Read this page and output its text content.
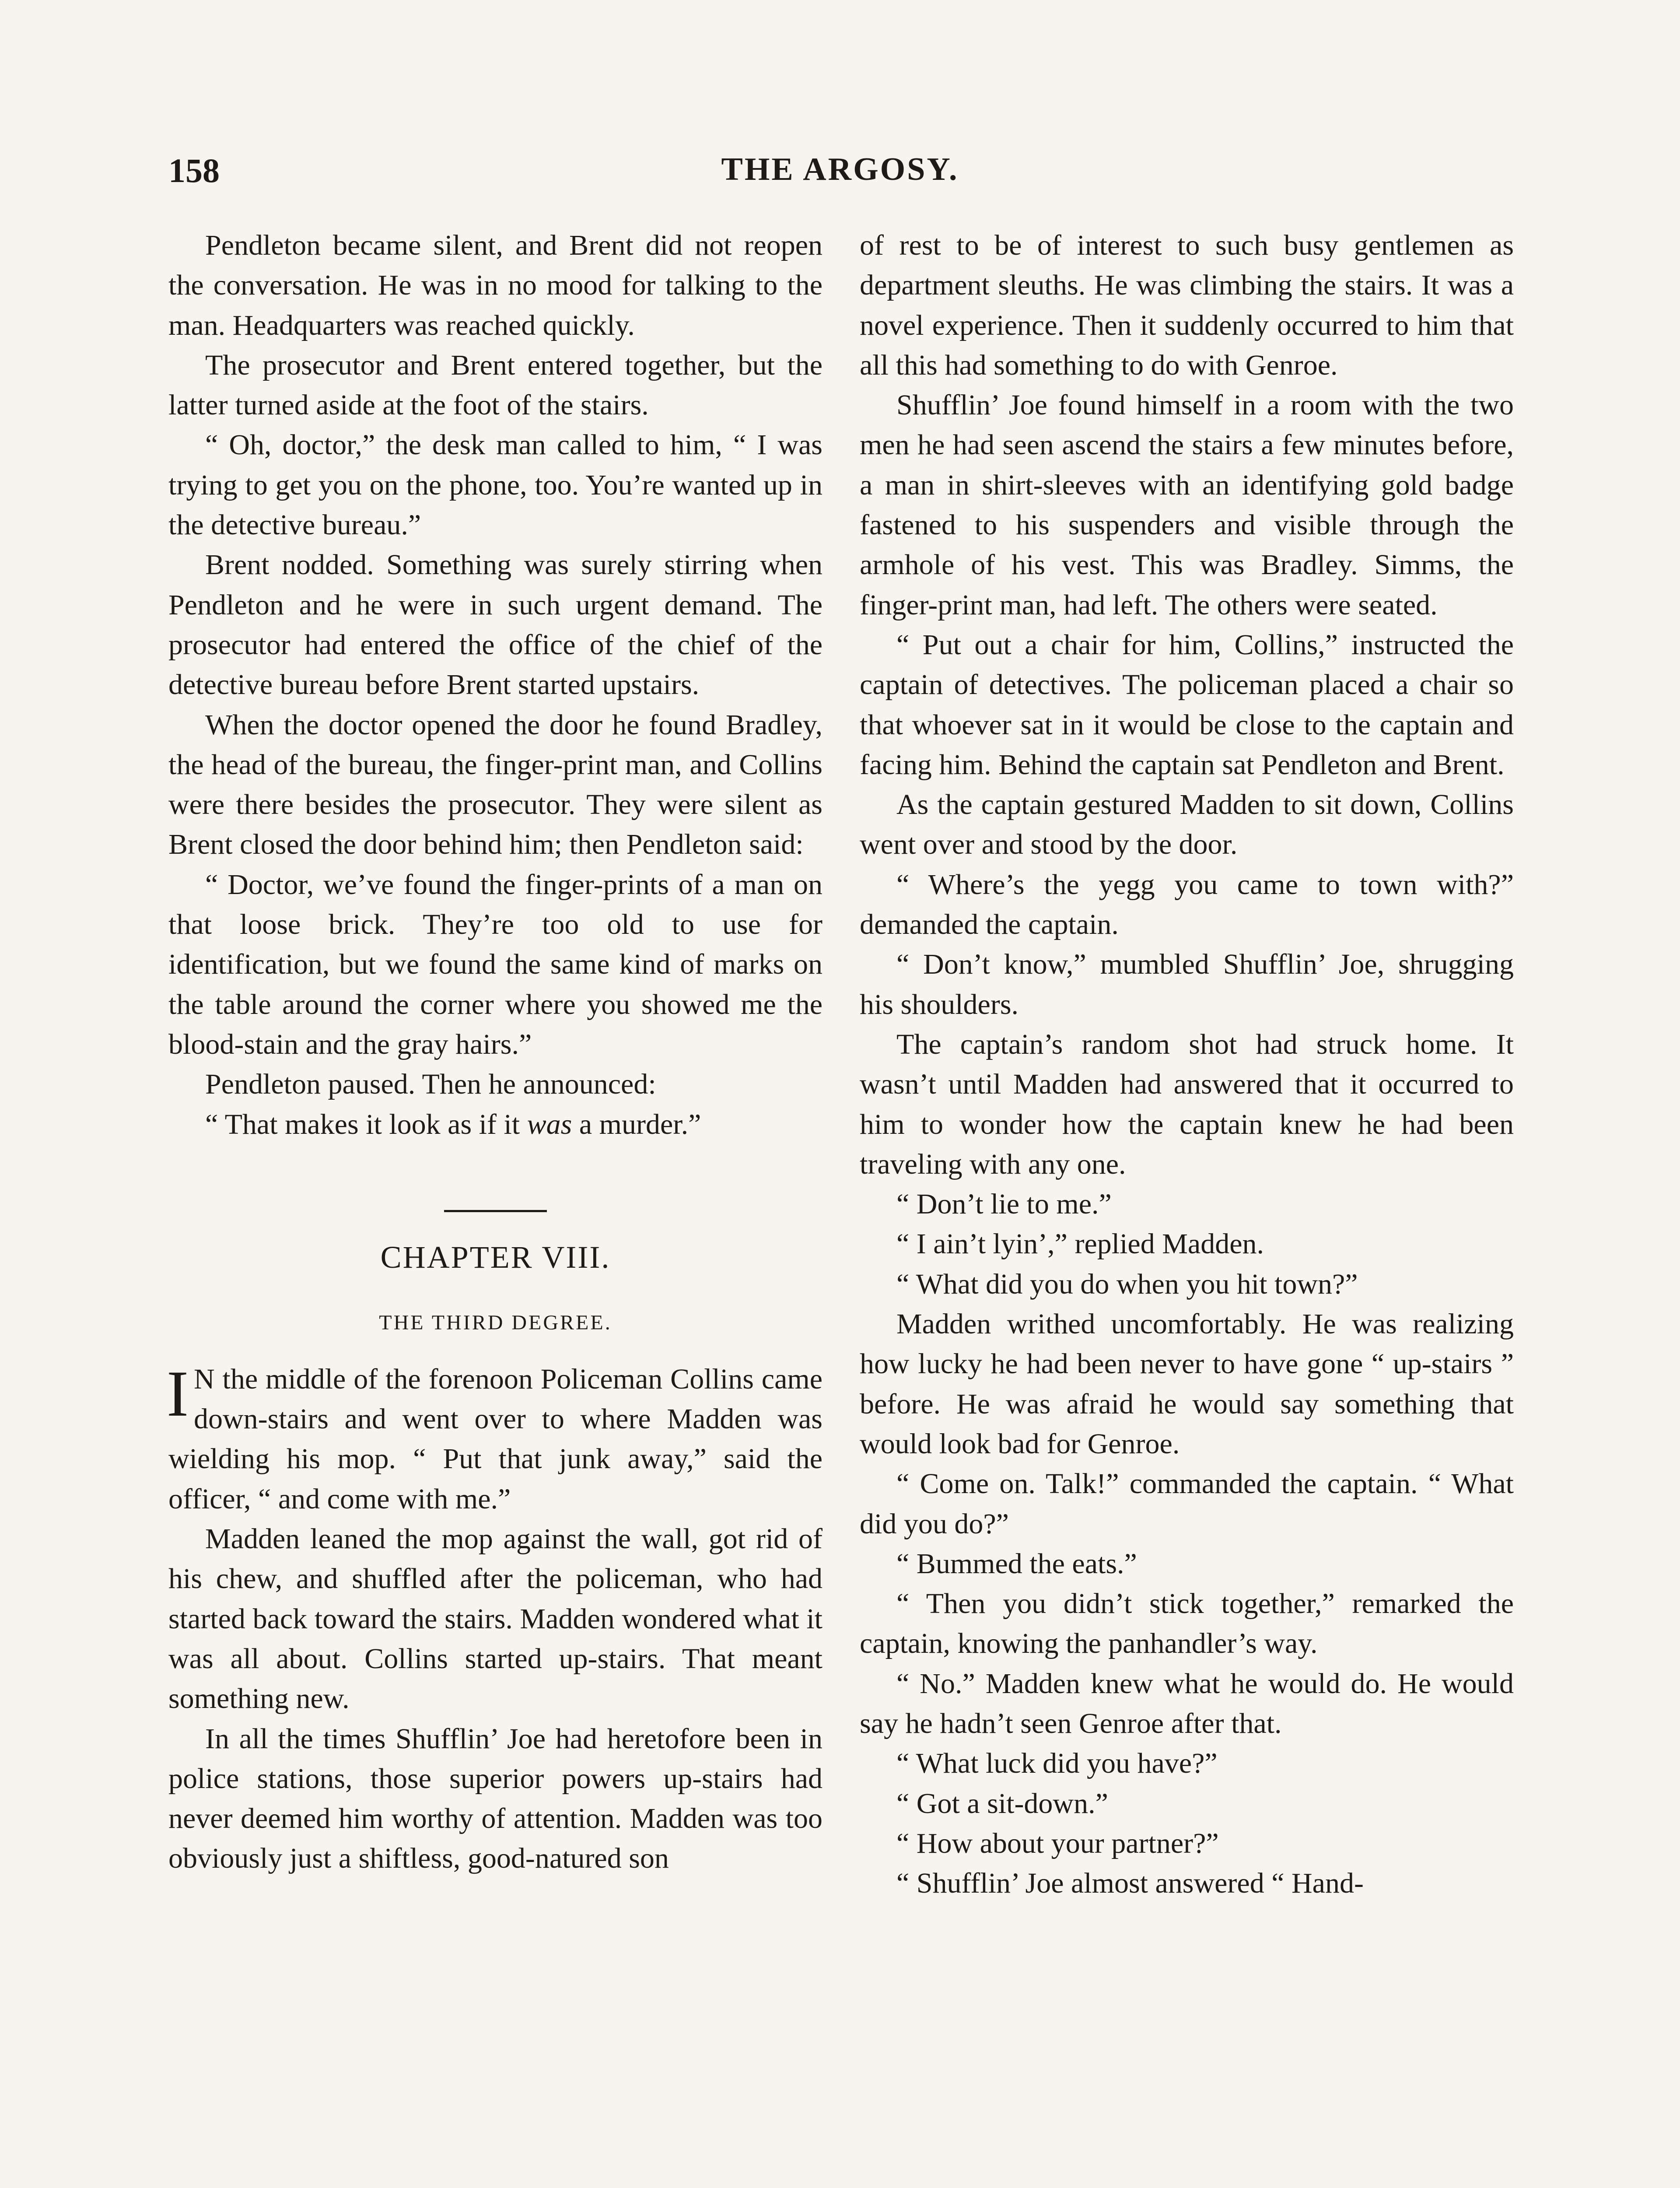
158	THE ARGOSY.

Pendleton became silent, and Brent did not reopen the conversation. He was in no mood for talking to the man. Headquarters was reached quickly.

The prosecutor and Brent entered together, but the latter turned aside at the foot of the stairs.

“ Oh, doctor,” the desk man called to him, “ I was trying to get you on the phone, too. You’re wanted up in the detective bureau.”

Brent nodded. Something was surely stirring when Pendleton and he were in such urgent demand. The prosecutor had entered the office of the chief of the detective bureau before Brent started upstairs.

When the doctor opened the door he found Bradley, the head of the bureau, the finger-print man, and Collins were there besides the prosecutor. They were silent as Brent closed the door behind him; then Pendleton said:

“ Doctor, we’ve found the finger-prints of a man on that loose brick. They’re too old to use for identification, but we found the same kind of marks on the table around the corner where you showed me the blood-stain and the gray hairs.”

Pendleton paused. Then he announced:

“ That makes it look as if it was a murder.”

CHAPTER VIII.
THE THIRD DEGREE.

I N the middle of the forenoon Policeman Collins came down-stairs and went over to where Madden was wielding his mop. “ Put that junk away,” said the officer, “ and come with me.”

Madden leaned the mop against the wall, got rid of his chew, and shuffled after the policeman, who had started back toward the stairs. Madden wondered what it was all about. Collins started up-stairs. That meant something new.

In all the times Shufflin’ Joe had heretofore been in police stations, those superior powers up-stairs had never deemed him worthy of attention. Madden was too obviously just a shiftless, good-natured son

of rest to be of interest to such busy gentlemen as department sleuths. He was climbing the stairs. It was a novel experience. Then it suddenly occurred to him that all this had something to do with Genroe.

Shufflin’ Joe found himself in a room with the two men he had seen ascend the stairs a few minutes before, a man in shirt-sleeves with an identifying gold badge fastened to his suspenders and visible through the armhole of his vest. This was Bradley. Simms, the finger-print man, had left. The others were seated.

“ Put out a chair for him, Collins,” instructed the captain of detectives. The policeman placed a chair so that whoever sat in it would be close to the captain and facing him. Behind the captain sat Pendleton and Brent.

As the captain gestured Madden to sit down, Collins went over and stood by the door.

“ Where’s the yegg you came to town with?” demanded the captain.

“ Don’t know,” mumbled Shufflin’ Joe, shrugging his shoulders.

The captain’s random shot had struck home. It wasn’t until Madden had answered that it occurred to him to wonder how the captain knew he had been traveling with any one.

“ Don’t lie to me.”

“ I ain’t lyin’,” replied Madden.

“ What did you do when you hit town?”

Madden writhed uncomfortably. He was realizing how lucky he had been never to have gone “ up-stairs ” before. He was afraid he would say something that would look bad for Genroe.

“ Come on. Talk!” commanded the captain. “ What did you do?”

“ Bummed the eats.”

“ Then you didn’t stick together,” remarked the captain, knowing the panhandler’s way.

“ No.” Madden knew what he would do. He would say he hadn’t seen Genroe after that.

“ What luck did you have?”

“ Got a sit-down.”

“ How about your partner?”

“ Shufflin’ Joe almost answered “ Hand-
